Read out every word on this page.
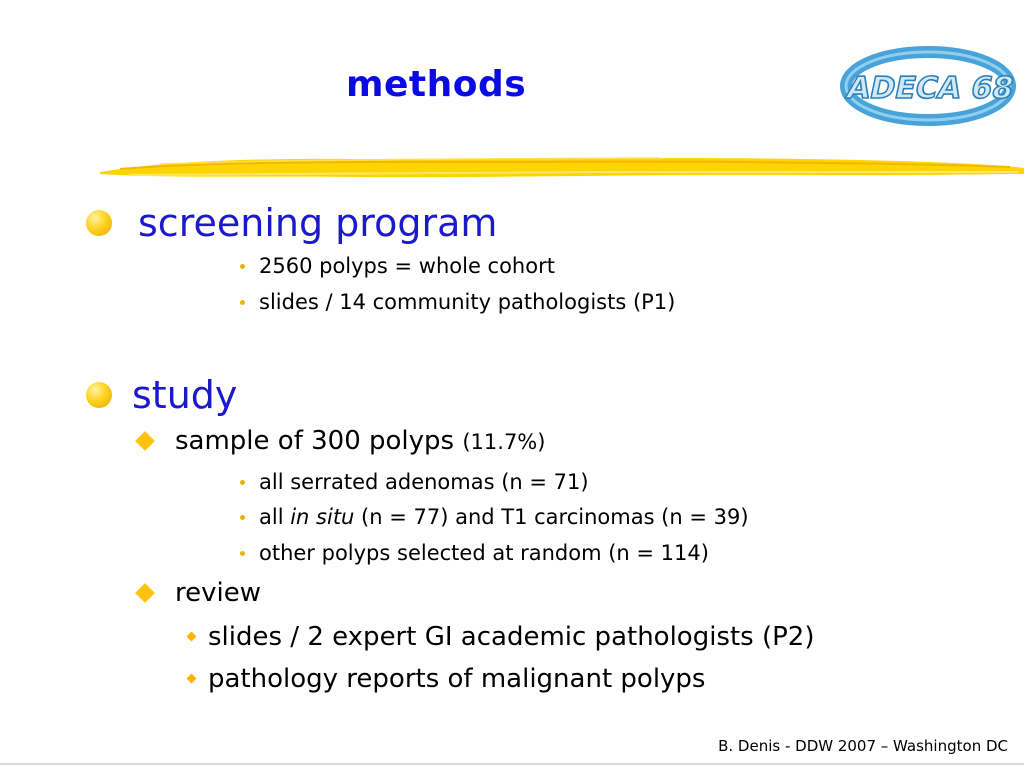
methods	ADECA 68
screening program
2560 polyps = whole cohort
slides / 14 community pathologists (P1)
study
sample of 300 polyps (11.7%)
all serrated adenomas (n = 71)
all in situ (n = 77) and T1 carcinomas (n = 39)
other polyps selected at random (n = 114)
review
slides / 2 expert GI academic pathologists (P2)
pathology reports of malignant polyps
B. Denis - DDW 2007 – Washington DC
